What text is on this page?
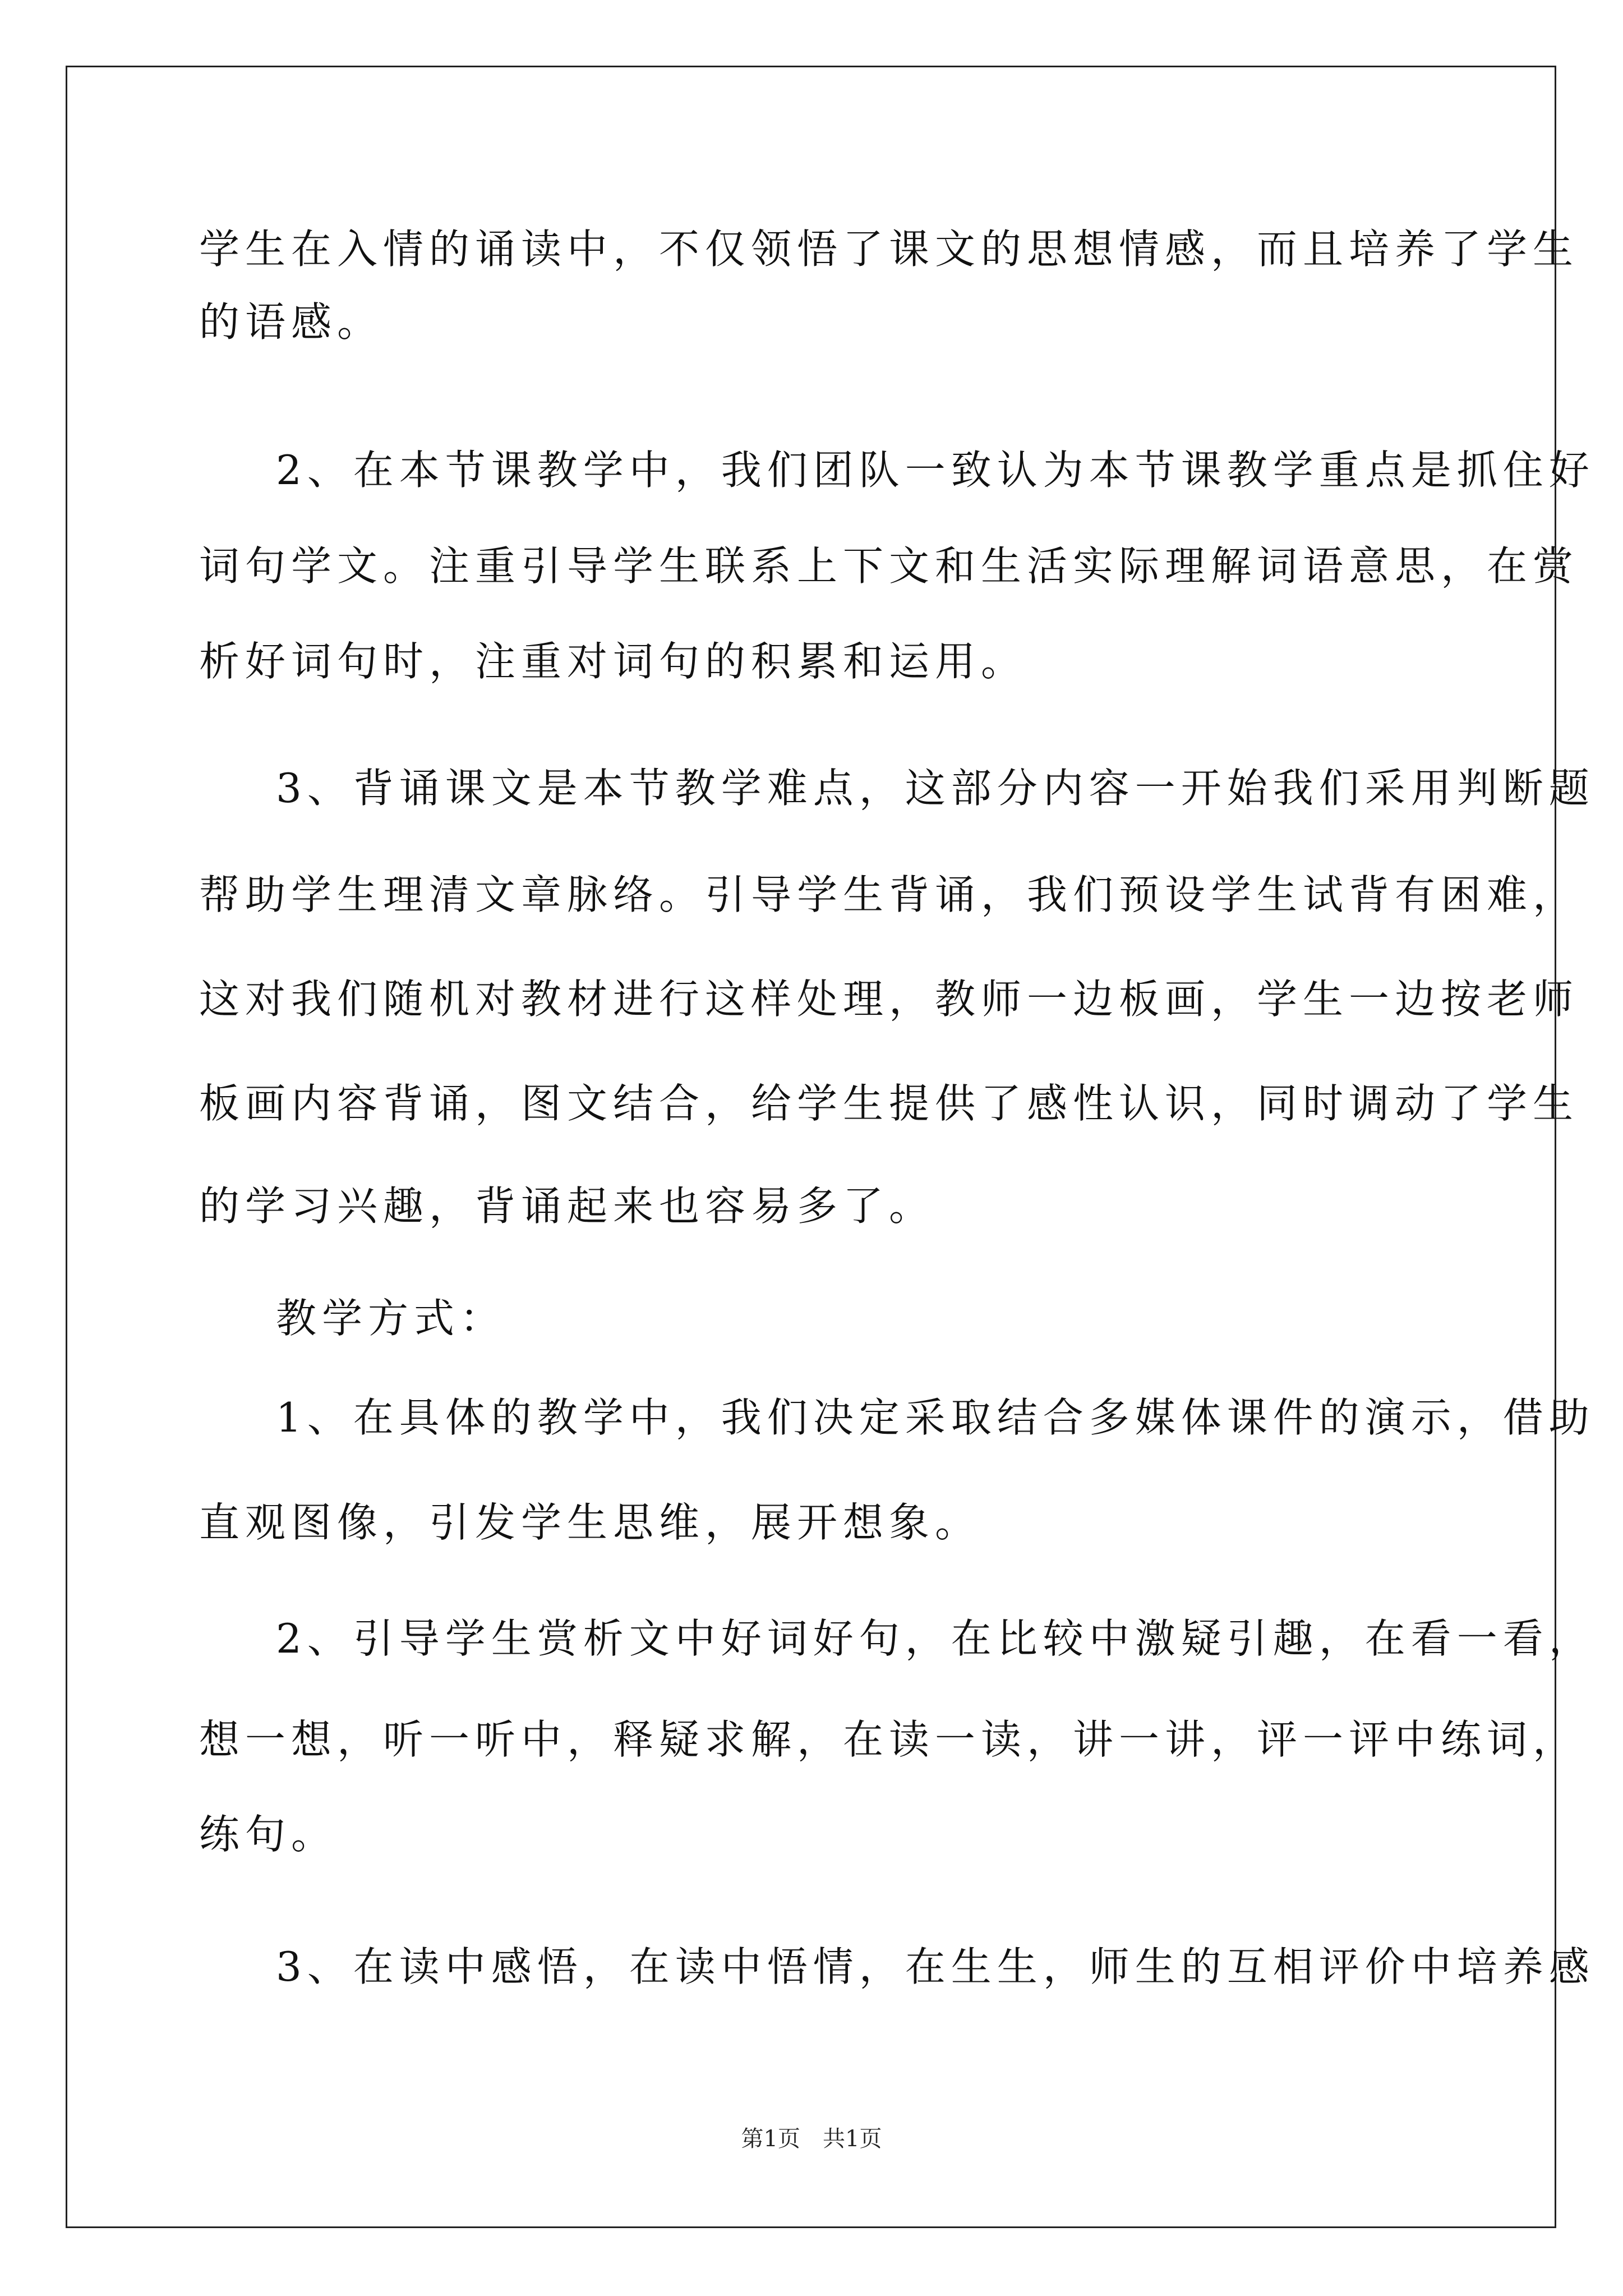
学生在入情的诵读中，不仅领悟了课文的思想情感，而且培养了学生
的语感。
2、在本节课教学中，我们团队一致认为本节课教学重点是抓住好
词句学文。注重引导学生联系上下文和生活实际理解词语意思，在赏
析好词句时，注重对词句的积累和运用。
3、背诵课文是本节教学难点，这部分内容一开始我们采用判断题
帮助学生理清文章脉络。引导学生背诵，我们预设学生试背有困难，
这对我们随机对教材进行这样处理，教师一边板画，学生一边按老师
板画内容背诵，图文结合，给学生提供了感性认识，同时调动了学生
的学习兴趣，背诵起来也容易多了。
教学方式：
1、在具体的教学中，我们决定采取结合多媒体课件的演示，借助
直观图像，引发学生思维，展开想象。
2、引导学生赏析文中好词好句，在比较中激疑引趣，在看一看，
想一想，听一听中，释疑求解，在读一读，讲一讲，评一评中练词，
练句。
3、在读中感悟，在读中悟情，在生生，师生的互相评价中培养感
第1页　共1页
